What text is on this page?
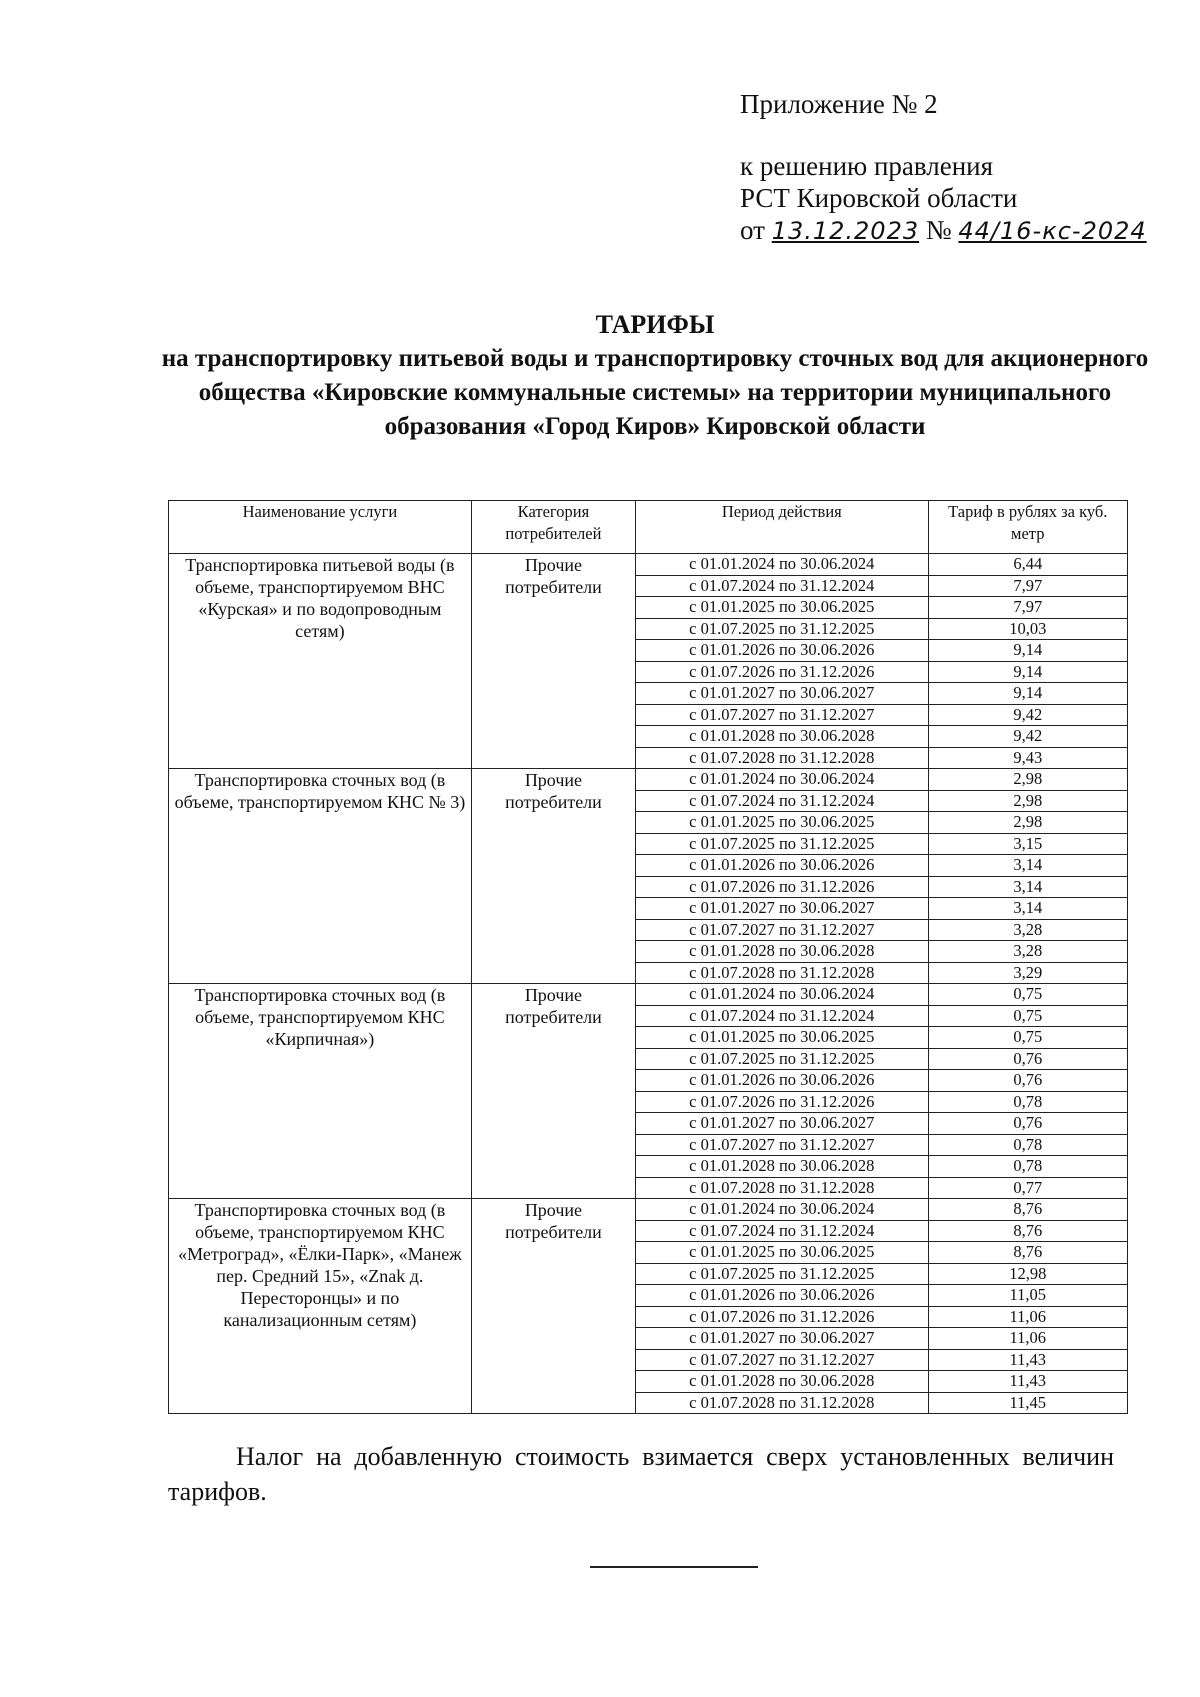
Приложение № 2
к решению правления
РСТ Кировской области
от 13.12.2023 № 44/16-кс-2024
ТАРИФЫ
на транспортировку питьевой воды и транспортировку сточных вод для акционерного общества «Кировские коммунальные системы» на территории муниципального образования «Город Киров» Кировской области
Наименование услуги	Категория потребителей	Период действия	Тариф в рублях за куб. метр
Транспортировка питьевой воды (в объеме, транспортируемом ВНС «Курская» и по водопроводным сетям)	Прочие потребители	с 01.01.2024 по 30.06.2024	6,44
		с 01.07.2024 по 31.12.2024	7,97
		с 01.01.2025 по 30.06.2025	7,97
		с 01.07.2025 по 31.12.2025	10,03
		с 01.01.2026 по 30.06.2026	9,14
		с 01.07.2026 по 31.12.2026	9,14
		с 01.01.2027 по 30.06.2027	9,14
		с 01.07.2027 по 31.12.2027	9,42
		с 01.01.2028 по 30.06.2028	9,42
		с 01.07.2028 по 31.12.2028	9,43
Транспортировка сточных вод (в объеме, транспортируемом КНС № 3)	Прочие потребители	с 01.01.2024 по 30.06.2024	2,98
		с 01.07.2024 по 31.12.2024	2,98
		с 01.01.2025 по 30.06.2025	2,98
		с 01.07.2025 по 31.12.2025	3,15
		с 01.01.2026 по 30.06.2026	3,14
		с 01.07.2026 по 31.12.2026	3,14
		с 01.01.2027 по 30.06.2027	3,14
		с 01.07.2027 по 31.12.2027	3,28
		с 01.01.2028 по 30.06.2028	3,28
		с 01.07.2028 по 31.12.2028	3,29
Транспортировка сточных вод (в объеме, транспортируемом КНС «Кирпичная»)	Прочие потребители	с 01.01.2024 по 30.06.2024	0,75
		с 01.07.2024 по 31.12.2024	0,75
		с 01.01.2025 по 30.06.2025	0,75
		с 01.07.2025 по 31.12.2025	0,76
		с 01.01.2026 по 30.06.2026	0,76
		с 01.07.2026 по 31.12.2026	0,78
		с 01.01.2027 по 30.06.2027	0,76
		с 01.07.2027 по 31.12.2027	0,78
		с 01.01.2028 по 30.06.2028	0,78
		с 01.07.2028 по 31.12.2028	0,77
Транспортировка сточных вод (в объеме, транспортируемом КНС «Метроград», «Ёлки-Парк», «Манеж пер. Средний 15», «Znak д. Пересторонцы» и по канализационным сетям)	Прочие потребители	с 01.01.2024 по 30.06.2024	8,76
		с 01.07.2024 по 31.12.2024	8,76
		с 01.01.2025 по 30.06.2025	8,76
		с 01.07.2025 по 31.12.2025	12,98
		с 01.01.2026 по 30.06.2026	11,05
		с 01.07.2026 по 31.12.2026	11,06
		с 01.01.2027 по 30.06.2027	11,06
		с 01.07.2027 по 31.12.2027	11,43
		с 01.01.2028 по 30.06.2028	11,43
		с 01.07.2028 по 31.12.2028	11,45
Налог на добавленную стоимость взимается сверх установленных величин тарифов.
